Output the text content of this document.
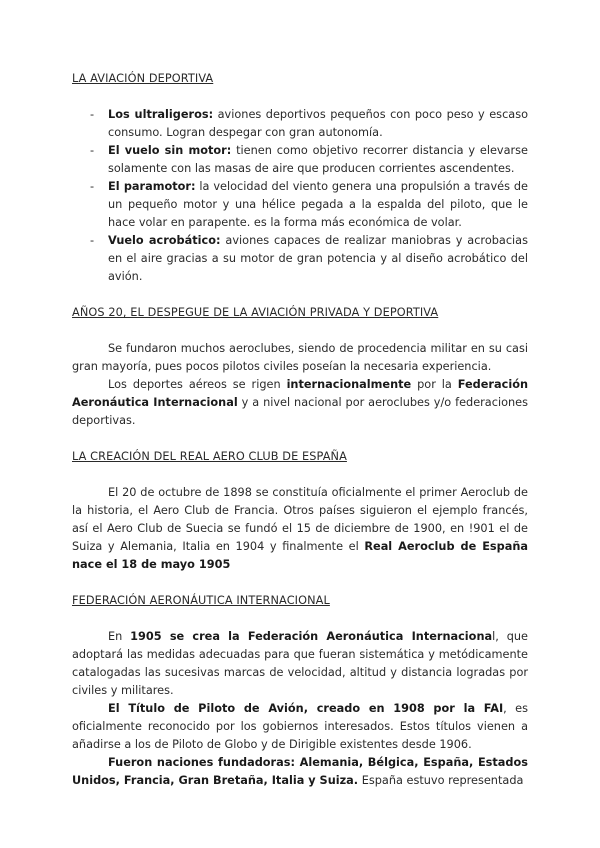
LA AVIACIÓN DEPORTIVA
- Los ultraligeros: aviones deportivos pequeños con poco peso y escaso consumo. Logran despegar con gran autonomía.
- El vuelo sin motor: tienen como objetivo recorrer distancia y elevarse solamente con las masas de aire que producen corrientes ascendentes.
- El paramotor: la velocidad del viento genera una propulsión a través de un pequeño motor y una hélice pegada a la espalda del piloto, que le hace volar en parapente. es la forma más económica de volar.
- Vuelo acrobático: aviones capaces de realizar maniobras y acrobacias en el aire gracias a su motor de gran potencia y al diseño acrobático del avión.
AÑOS 20, EL DESPEGUE DE LA AVIACIÓN PRIVADA Y DEPORTIVA

Se fundaron muchos aeroclubes, siendo de procedencia militar en su casi gran mayoría, pues pocos pilotos civiles poseían la necesaria experiencia.

Los deportes aéreos se rigen internacionalmente por la Federación Aeronáutica Internacional y a nivel nacional por aeroclubes y/o federaciones deportivas.

LA CREACIÓN DEL REAL AERO CLUB DE ESPAÑA

El 20 de octubre de 1898 se constituía oficialmente el primer Aeroclub de la historia, el Aero Club de Francia. Otros países siguieron el ejemplo francés, así el Aero Club de Suecia se fundó el 15 de diciembre de 1900, en !901 el de Suiza y Alemania, Italia en 1904 y finalmente el Real Aeroclub de España nace el 18 de mayo 1905

FEDERACIÓN AERONÁUTICA INTERNACIONAL

En 1905 se crea la Federación Aeronáutica Internacional, que adoptará las medidas adecuadas para que fueran sistemática y metódicamente catalogadas las sucesivas marcas de velocidad, altitud y distancia logradas por civiles y militares.

El Título de Piloto de Avión, creado en 1908 por la FAI, es oficialmente reconocido por los gobiernos interesados. Estos títulos vienen a añadirse a los de Piloto de Globo y de Dirigible existentes desde 1906.

Fueron naciones fundadoras: Alemania, Bélgica, España, Estados Unidos, Francia, Gran Bretaña, Italia y Suiza. España estuvo representada
